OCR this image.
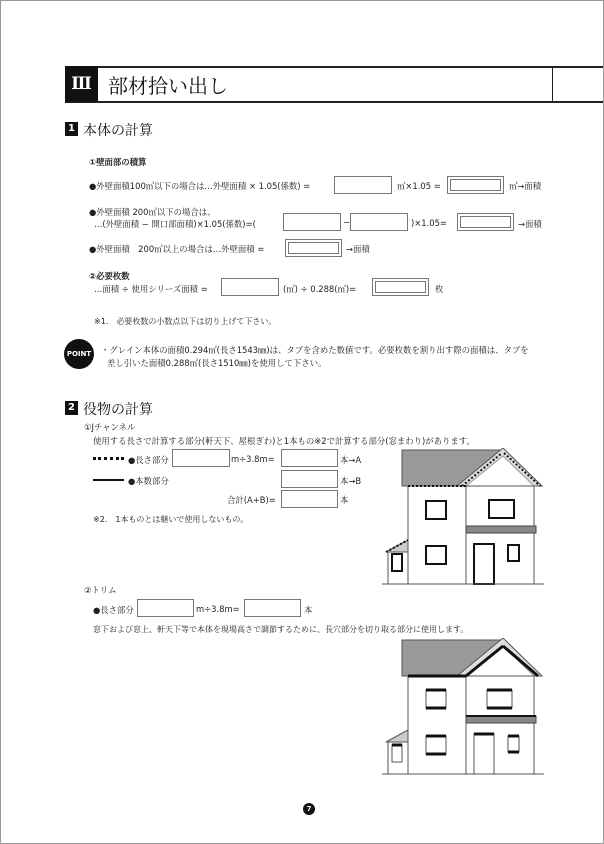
Ⅲ 部材拾い出し
1 本体の計算
①壁面部の積算
●外壁面積100㎡以下の場合は…外壁面積 × 1.05(係数) =	㎡×1.05 =	㎡→面積
●外壁面積 200㎡以下の場合は、
…(外壁面積 − 開口部面積)×1.05(係数)=(	−	)×1.05=	→面積
●外壁面積　200㎡以上の場合は…外壁面積 =	→面積
②必要枚数
…面積 ÷ 使用シリーズ面積 =	(㎡) ÷ 0.288(㎡)=	枚
※1.　必要枚数の小数点以下は切り上げて下さい。
POINT	・グレイン本体の面積0.294㎡(長さ1543㎜)は、タブを含めた数値です。必要枚数を割り出す際の面積は、タブを
差し引いた面積0.288㎡(長さ1510㎜)を使用して下さい。
2 役物の計算
①Jチャンネル
使用する長さで計算する部分(軒天下、屋根ぎわ)と1本もの※2で計算する部分(窓まわり)があります。
●長さ部分	m÷3.8m=	本→A
●本数部分	本→B
合計(A+B)=	本
※2.　1本ものとは継いで使用しないもの。
②トリム
●長さ部分	m÷3.8m=	本
窓下および窓上、軒天下等で本体を現場高さで調節するために、長穴部分を切り取る部分に使用します。
7
